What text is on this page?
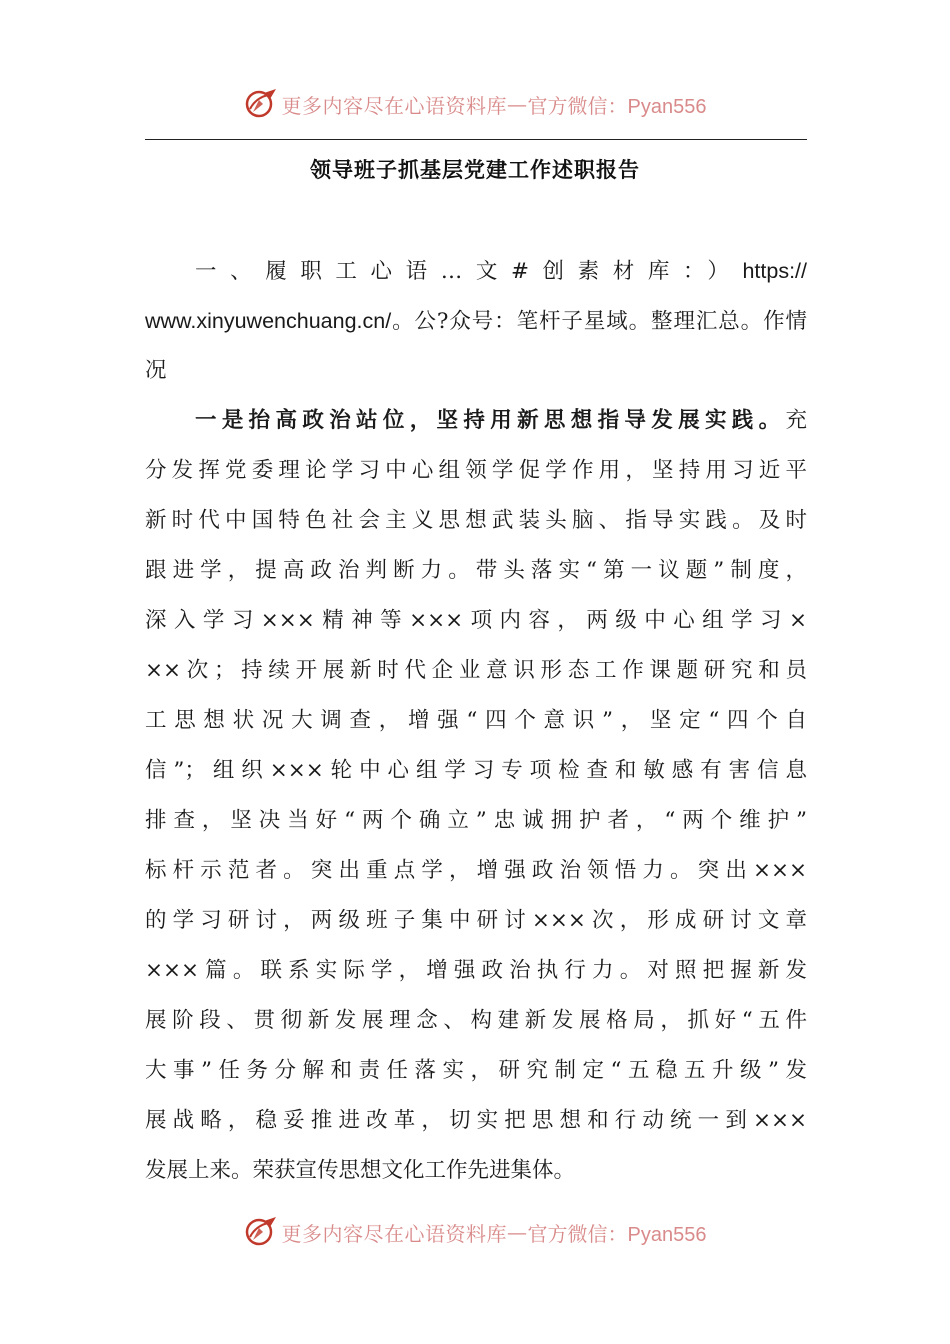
更多内容尽在心语资料库 — 官方微信：Pyan556
领导班子抓基层党建工作述职报告
一、履职工心语…文#创素材库：）https://
www.xinyuwenchuang.cn/。公?众号：笔杆子星域。整理汇总。作情
况
一是抬高政治站位，坚持用新思想指导发展实践。充
分发挥党委理论学习中心组领学促学作用，坚持用习近平
新时代中国特色社会主义思想武装头脑、指导实践。及时
跟进学，提高政治判断力。带头落实“第一议题”制度，
深入学习×××精神等×××项内容，两级中心组学习×
××次；持续开展新时代企业意识形态工作课题研究和员
工思想状况大调查，增强“四个意识”，坚定“四个自
信”；组织×××轮中心组学习专项检查和敏感有害信息
排查，坚决当好“两个确立”忠诚拥护者，“两个维护”
标杆示范者。突出重点学，增强政治领悟力。突出×××
的学习研讨，两级班子集中研讨×××次，形成研讨文章
×××篇。联系实际学，增强政治执行力。对照把握新发
展阶段、贯彻新发展理念、构建新发展格局，抓好“五件
大事”任务分解和责任落实，研究制定“五稳五升级”发
展战略，稳妥推进改革，切实把思想和行动统一到×××
发展上来。荣获宣传思想文化工作先进集体。
更多内容尽在心语资料库 — 官方微信：Pyan556
